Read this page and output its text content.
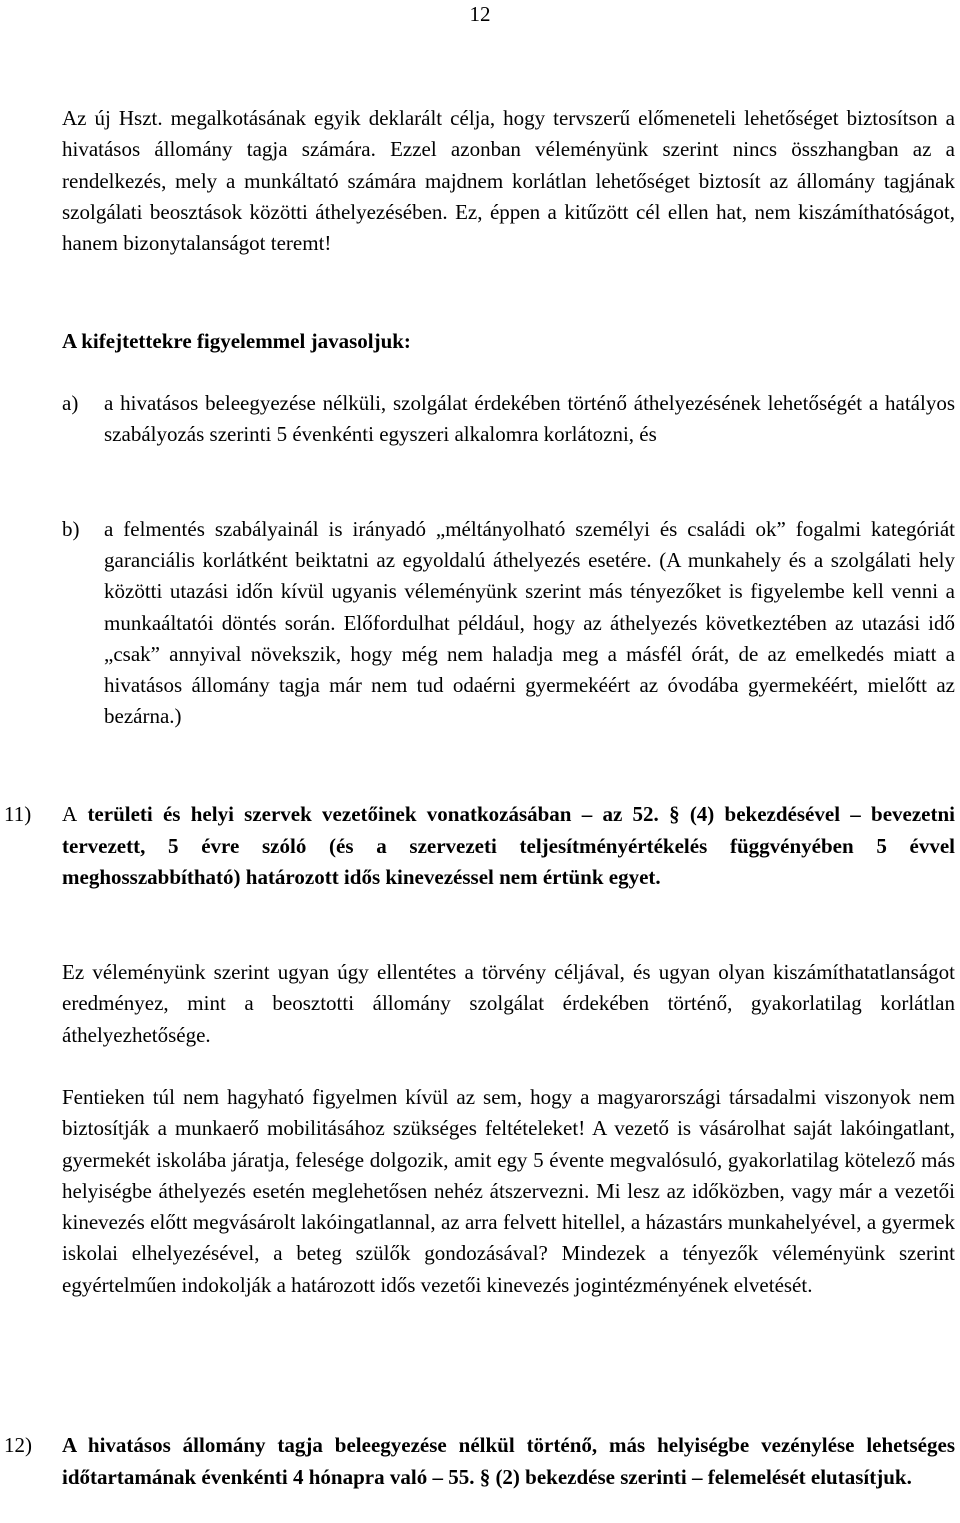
12

Az új Hszt. megalkotásának egyik deklarált célja, hogy tervszerű előmeneteli lehetőséget biztosítson a hivatásos állomány tagja számára. Ezzel azonban véleményünk szerint nincs összhangban az a rendelkezés, mely a munkáltató számára majdnem korlátlan lehetőséget biztosít az állomány tagjának szolgálati beosztások közötti áthelyezésében. Ez, éppen a kitűzött cél ellen hat, nem kiszámíthatóságot, hanem bizonytalanságot teremt!

A kifejtettekre figyelemmel javasoljuk:

a) a hivatásos beleegyezése nélküli, szolgálat érdekében történő áthelyezésének lehetőségét a hatályos szabályozás szerinti 5 évenkénti egyszeri alkalomra korlátozni, és
b) a felmentés szabályainál is irányadó „méltányolható személyi és családi ok” fogalmi kategóriát garanciális korlátként beiktatni az egyoldalú áthelyezés esetére. (A munkahely és a szolgálati hely közötti utazási időn kívül ugyanis véleményünk szerint más tényezőket is figyelembe kell venni a munkaáltatói döntés során. Előfordulhat például, hogy az áthelyezés következtében az utazási idő „csak” annyival növekszik, hogy még nem haladja meg a másfél órát, de az emelkedés miatt a hivatásos állomány tagja már nem tud odaérni gyermekéért az óvodába gyermekéért, mielőtt az bezárna.)
11) A területi és helyi szervek vezetőinek vonatkozásában – az 52. § (4) bekezdésével – bevezetni tervezett, 5 évre szóló (és a szervezeti teljesítményértékelés függvényében 5 évvel meghosszabbítható) határozott idős kinevezéssel nem értünk egyet.

Ez véleményünk szerint ugyan úgy ellentétes a törvény céljával, és ugyan olyan kiszámíthatatlanságot eredményez, mint a beosztotti állomány szolgálat érdekében történő, gyakorlatilag korlátlan áthelyezhetősége.

Fentieken túl nem hagyható figyelmen kívül az sem, hogy a magyarországi társadalmi viszonyok nem biztosítják a munkaerő mobilitásához szükséges feltételeket! A vezető is vásárolhat saját lakóingatlant, gyermekét iskolába járatja, felesége dolgozik, amit egy 5 évente megvalósuló, gyakorlatilag kötelező más helyiségbe áthelyezés esetén meglehetősen nehéz átszervezni. Mi lesz az időközben, vagy már a vezetői kinevezés előtt megvásárolt lakóingatlannal, az arra felvett hitellel, a házastárs munkahelyével, a gyermek iskolai elhelyezésével, a beteg szülők gondozásával? Mindezek a tényezők véleményünk szerint egyértelműen indokolják a határozott idős vezetői kinevezés jogintézményének elvetését.

12) A hivatásos állomány tagja beleegyezése nélkül történő, más helyiségbe vezénylése lehetséges időtartamának évenkénti 4 hónapra való – 55. § (2) bekezdése szerinti – felemelését elutasítjuk.
